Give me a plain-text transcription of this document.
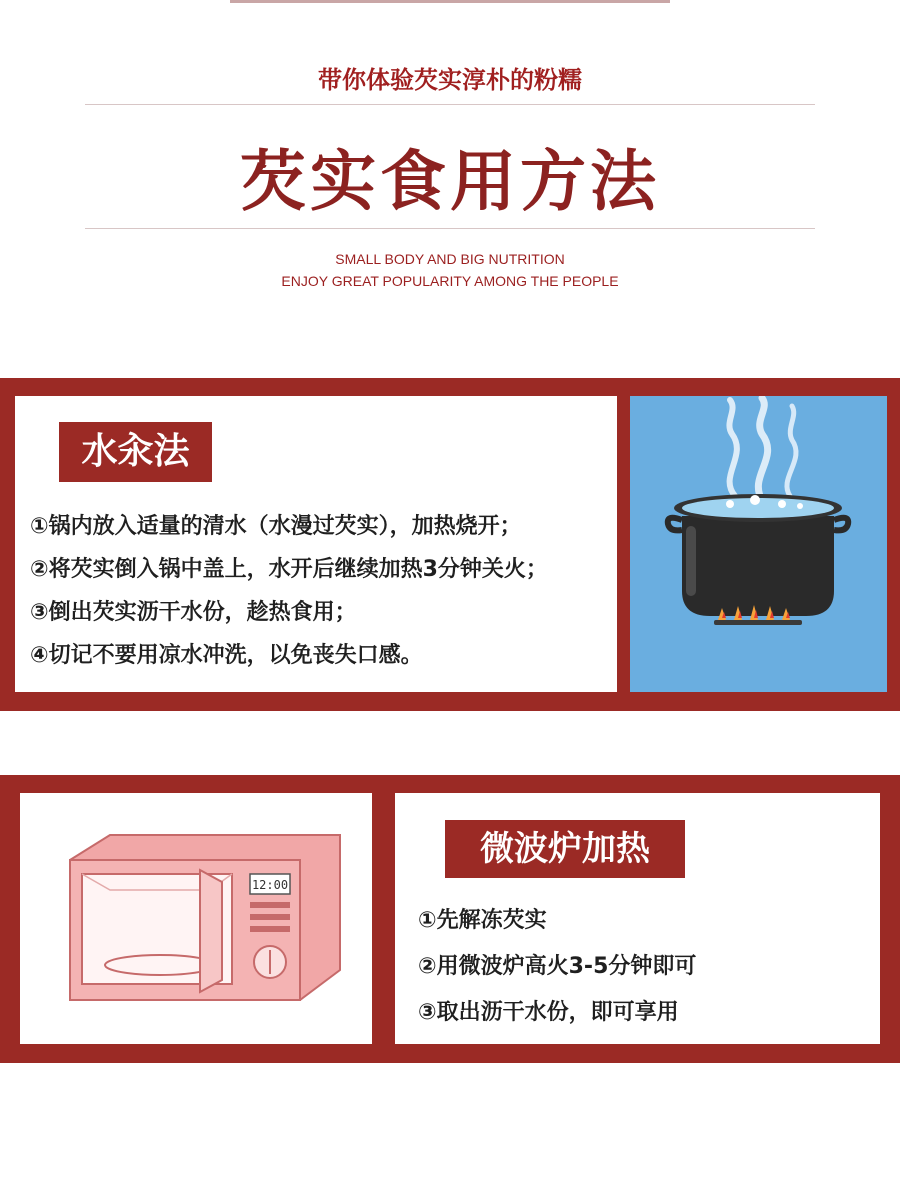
带你体验芡实淳朴的粉糯
芡实食用方法
SMALL BODY AND BIG NUTRITION
ENJOY GREAT POPULARITY AMONG THE PEOPLE
水汆法
①锅内放入适量的清水（水漫过芡实），加热烧开；
②将芡实倒入锅中盖上，水开后继续加热3分钟关火；
③倒出芡实沥干水份，趁热食用；
④切记不要用凉水冲洗，以免丧失口感。
12:00
微波炉加热
①先解冻芡实
②用微波炉高火3-5分钟即可
③取出沥干水份，即可享用
